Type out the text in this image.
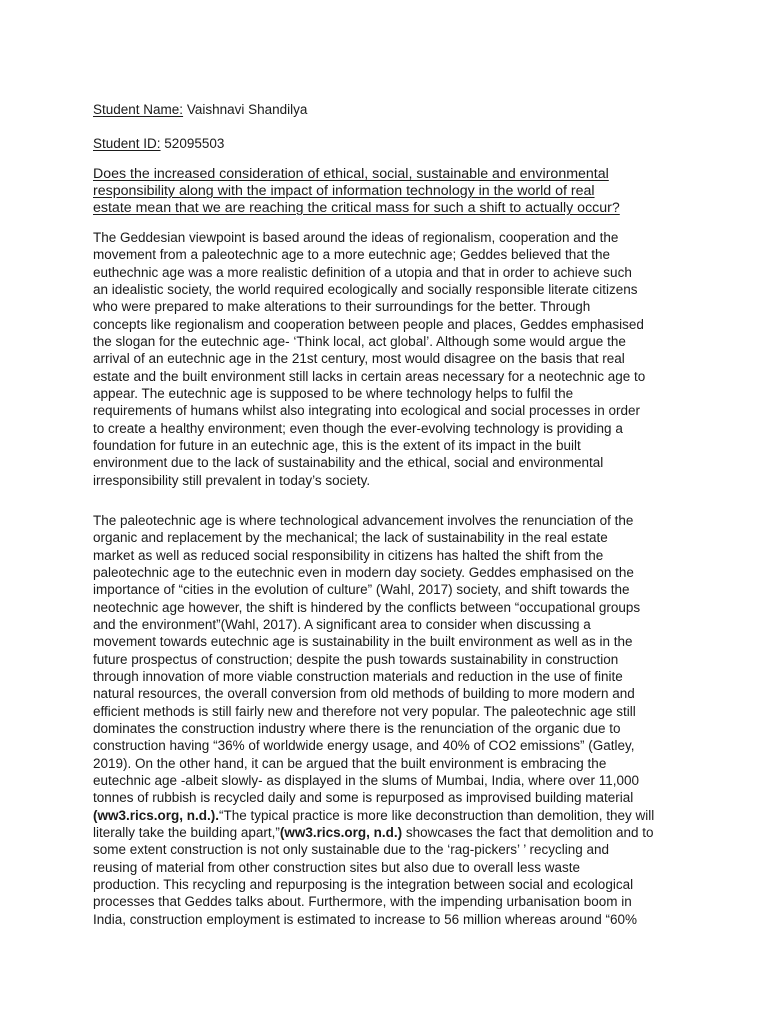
Student Name: Vaishnavi Shandilya
Student ID: 52095503
Does the increased consideration of ethical, social, sustainable and environmental
responsibility along with the impact of information technology in the world of real
estate mean that we are reaching the critical mass for such a shift to actually occur?
The Geddesian viewpoint is based around the ideas of regionalism, cooperation and the
movement from a paleotechnic age to a more eutechnic age; Geddes believed that the
euthechnic age was a more realistic definition of a utopia and that in order to achieve such
an idealistic society, the world required ecologically and socially responsible literate citizens
who were prepared to make alterations to their surroundings for the better. Through
concepts like regionalism and cooperation between people and places, Geddes emphasised
the slogan for the eutechnic age- ‘Think local, act global’. Although some would argue the
arrival of an eutechnic age in the 21st century, most would disagree on the basis that real
estate and the built environment still lacks in certain areas necessary for a neotechnic age to
appear. The eutechnic age is supposed to be where technology helps to fulfil the
requirements of humans whilst also integrating into ecological and social processes in order
to create a healthy environment; even though the ever-evolving technology is providing a
foundation for future in an eutechnic age, this is the extent of its impact in the built
environment due to the lack of sustainability and the ethical, social and environmental
irresponsibility still prevalent in today’s society.
The paleotechnic age is where technological advancement involves the renunciation of the
organic and replacement by the mechanical; the lack of sustainability in the real estate
market as well as reduced social responsibility in citizens has halted the shift from the
paleotechnic age to the eutechnic even in modern day society. Geddes emphasised on the
importance of “cities in the evolution of culture” (Wahl, 2017) society, and shift towards the
neotechnic age however, the shift is hindered by the conflicts between “occupational groups
and the environment”(Wahl, 2017). A significant area to consider when discussing a
movement towards eutechnic age is sustainability in the built environment as well as in the
future prospectus of construction; despite the push towards sustainability in construction
through innovation of more viable construction materials and reduction in the use of finite
natural resources, the overall conversion from old methods of building to more modern and
efficient methods is still fairly new and therefore not very popular. The paleotechnic age still
dominates the construction industry where there is the renunciation of the organic due to
construction having “36% of worldwide energy usage, and 40% of CO2 emissions” (Gatley,
2019). On the other hand, it can be argued that the built environment is embracing the
eutechnic age -albeit slowly- as displayed in the slums of Mumbai, India, where over 11,000
tonnes of rubbish is recycled daily and some is repurposed as improvised building material
(ww3.rics.org, n.d.).“The typical practice is more like deconstruction than demolition, they will
literally take the building apart,”(ww3.rics.org, n.d.) showcases the fact that demolition and to
some extent construction is not only sustainable due to the ‘rag-pickers’ ’ recycling and
reusing of material from other construction sites but also due to overall less waste
production. This recycling and repurposing is the integration between social and ecological
processes that Geddes talks about. Furthermore, with the impending urbanisation boom in
India, construction employment is estimated to increase to 56 million whereas around “60%
